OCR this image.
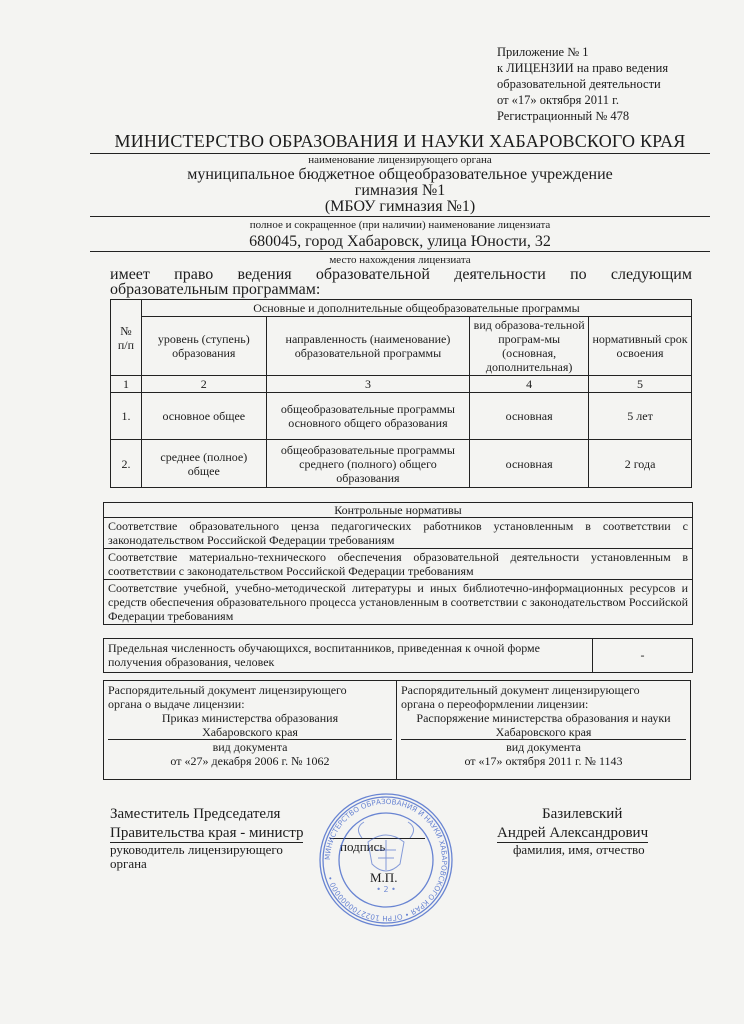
Приложение № 1
к ЛИЦЕНЗИИ на право ведения
образовательной деятельности
от «17» октября 2011 г.
Регистрационный № 478
МИНИСТЕРСТВО ОБРАЗОВАНИЯ И НАУКИ ХАБАРОВСКОГО КРАЯ
наименование лицензирующего органа
муниципальное бюджетное общеобразовательное учреждение
гимназия №1
(МБОУ гимназия №1)
полное и сокращенное (при наличии) наименование лицензиата
680045, город Хабаровск, улица Юности, 32
место нахождения лицензиата
имеет право ведения образовательной деятельности по следующим
образовательным программам:
№ п/п	Основные и дополнительные общеобразовательные программы			
	уровень (ступень) образования	направленность (наименование) образовательной программы	вид образова-тельной програм-мы (основная, дополнительная)	нормативный срок освоения
1	2	3	4	5
1.	основное общее	общеобразовательные программы основного общего образования	основная	5 лет
2.	среднее (полное) общее	общеобразовательные программы среднего (полного) общего образования	основная	2 года
Контрольные нормативы
Соответствие образовательного ценза педагогических работников установленным в соответствии с законодательством Российской Федерации требованиям
Соответствие материально-технического обеспечения образовательной деятельности установленным в соответствии с законодательством Российской Федерации требованиям
Соответствие учебной, учебно-методической литературы и иных библиотечно-информационных ресурсов и средств обеспечения образовательного процесса установленным в соответствии с законодательством Российской Федерации требованиям
Предельная численность обучающихся, воспитанников, приведенная к очной форме получения образования, человек	-
Распорядительный документ лицензирующего
органа о выдаче лицензии:
Приказ министерства образования
Хабаровского края
вид документа
от «27» декабря 2006 г. № 1062
Распорядительный документ лицензирующего
органа о переоформлении лицензии:
Распоряжение министерства образования и науки
Хабаровского края
вид документа
от «17» октября 2011 г. № 1143
Заместитель Председателя
Правительства края - министр
руководитель лицензирующего
органа
подпись
М.П.
Базилевский
Андрей Александрович
фамилия, имя, отчество
МИНИСТЕРСТВО ОБРАЗОВАНИЯ И НАУКИ ХАБАРОВСКОГО КРАЯ • ОГРН 1022700000000 •
• 2 •
